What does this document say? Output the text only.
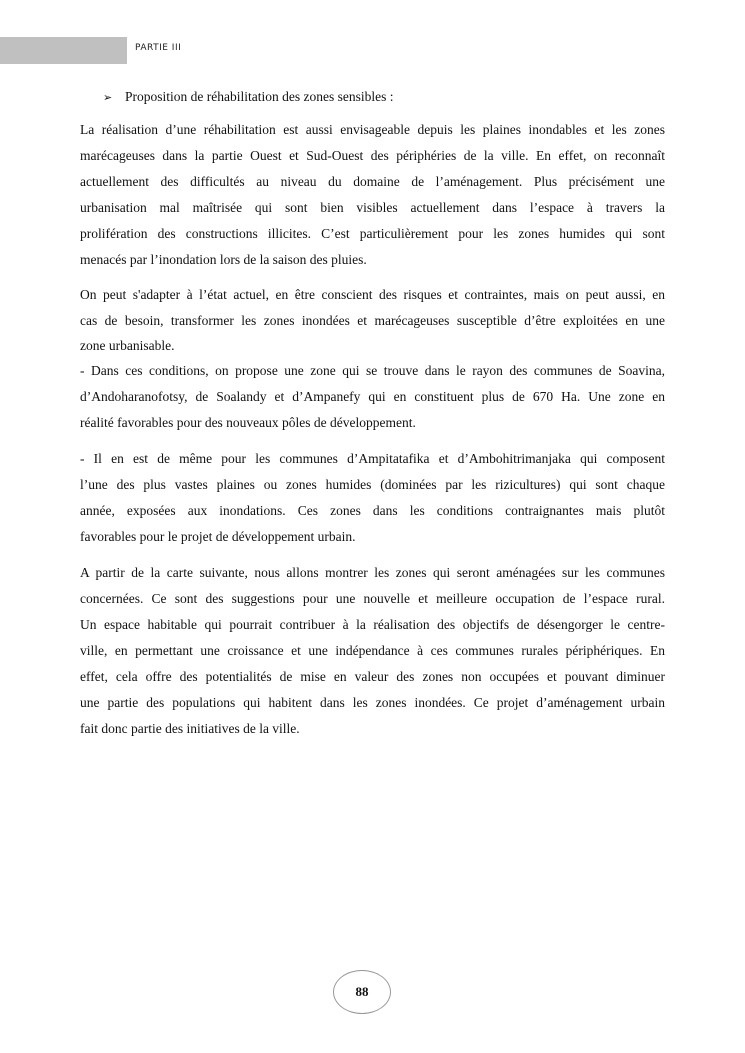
PARTIE III
➢ Proposition de réhabilitation des zones sensibles :
La réalisation d’une réhabilitation est aussi envisageable depuis les plaines inondables et les zones
marécageuses dans la partie Ouest et Sud-Ouest des périphéries de la ville. En effet, on reconnaît
actuellement des difficultés au niveau du domaine de l’aménagement. Plus précisément une
urbanisation mal maîtrisée qui sont bien visibles actuellement dans l’espace à travers la
prolifération des constructions illicites. C’est particulièrement pour les zones humides qui sont
menacés par l’inondation lors de la saison des pluies.
On peut s'adapter à l’état actuel, en être conscient des risques et contraintes, mais on peut aussi, en
cas de besoin, transformer les zones inondées et marécageuses susceptible d’être exploitées en une
zone urbanisable.
- Dans ces conditions, on propose une zone qui se trouve dans le rayon des communes de Soavina,
d’Andoharanofotsy, de Soalandy et d’Ampanefy qui en constituent plus de 670 Ha. Une zone en
réalité favorables pour des nouveaux pôles de développement.
- Il en est de même pour les communes d’Ampitatafika et d’Ambohitrimanjaka qui composent
l’une des plus vastes plaines ou zones humides (dominées par les rizicultures) qui sont chaque
année, exposées aux inondations. Ces zones dans les conditions contraignantes mais plutôt
favorables pour le projet de développement urbain.
A partir de la carte suivante, nous allons montrer les zones qui seront aménagées sur les communes
concernées. Ce sont des suggestions pour une nouvelle et meilleure occupation de l’espace rural.
Un espace habitable qui pourrait contribuer à la réalisation des objectifs de désengorger le centre-
ville, en permettant une croissance et une indépendance à ces communes rurales périphériques. En
effet, cela offre des potentialités de mise en valeur des zones non occupées et pouvant diminuer
une partie des populations qui habitent dans les zones inondées. Ce projet d’aménagement urbain
fait donc partie des initiatives de la ville.
88
